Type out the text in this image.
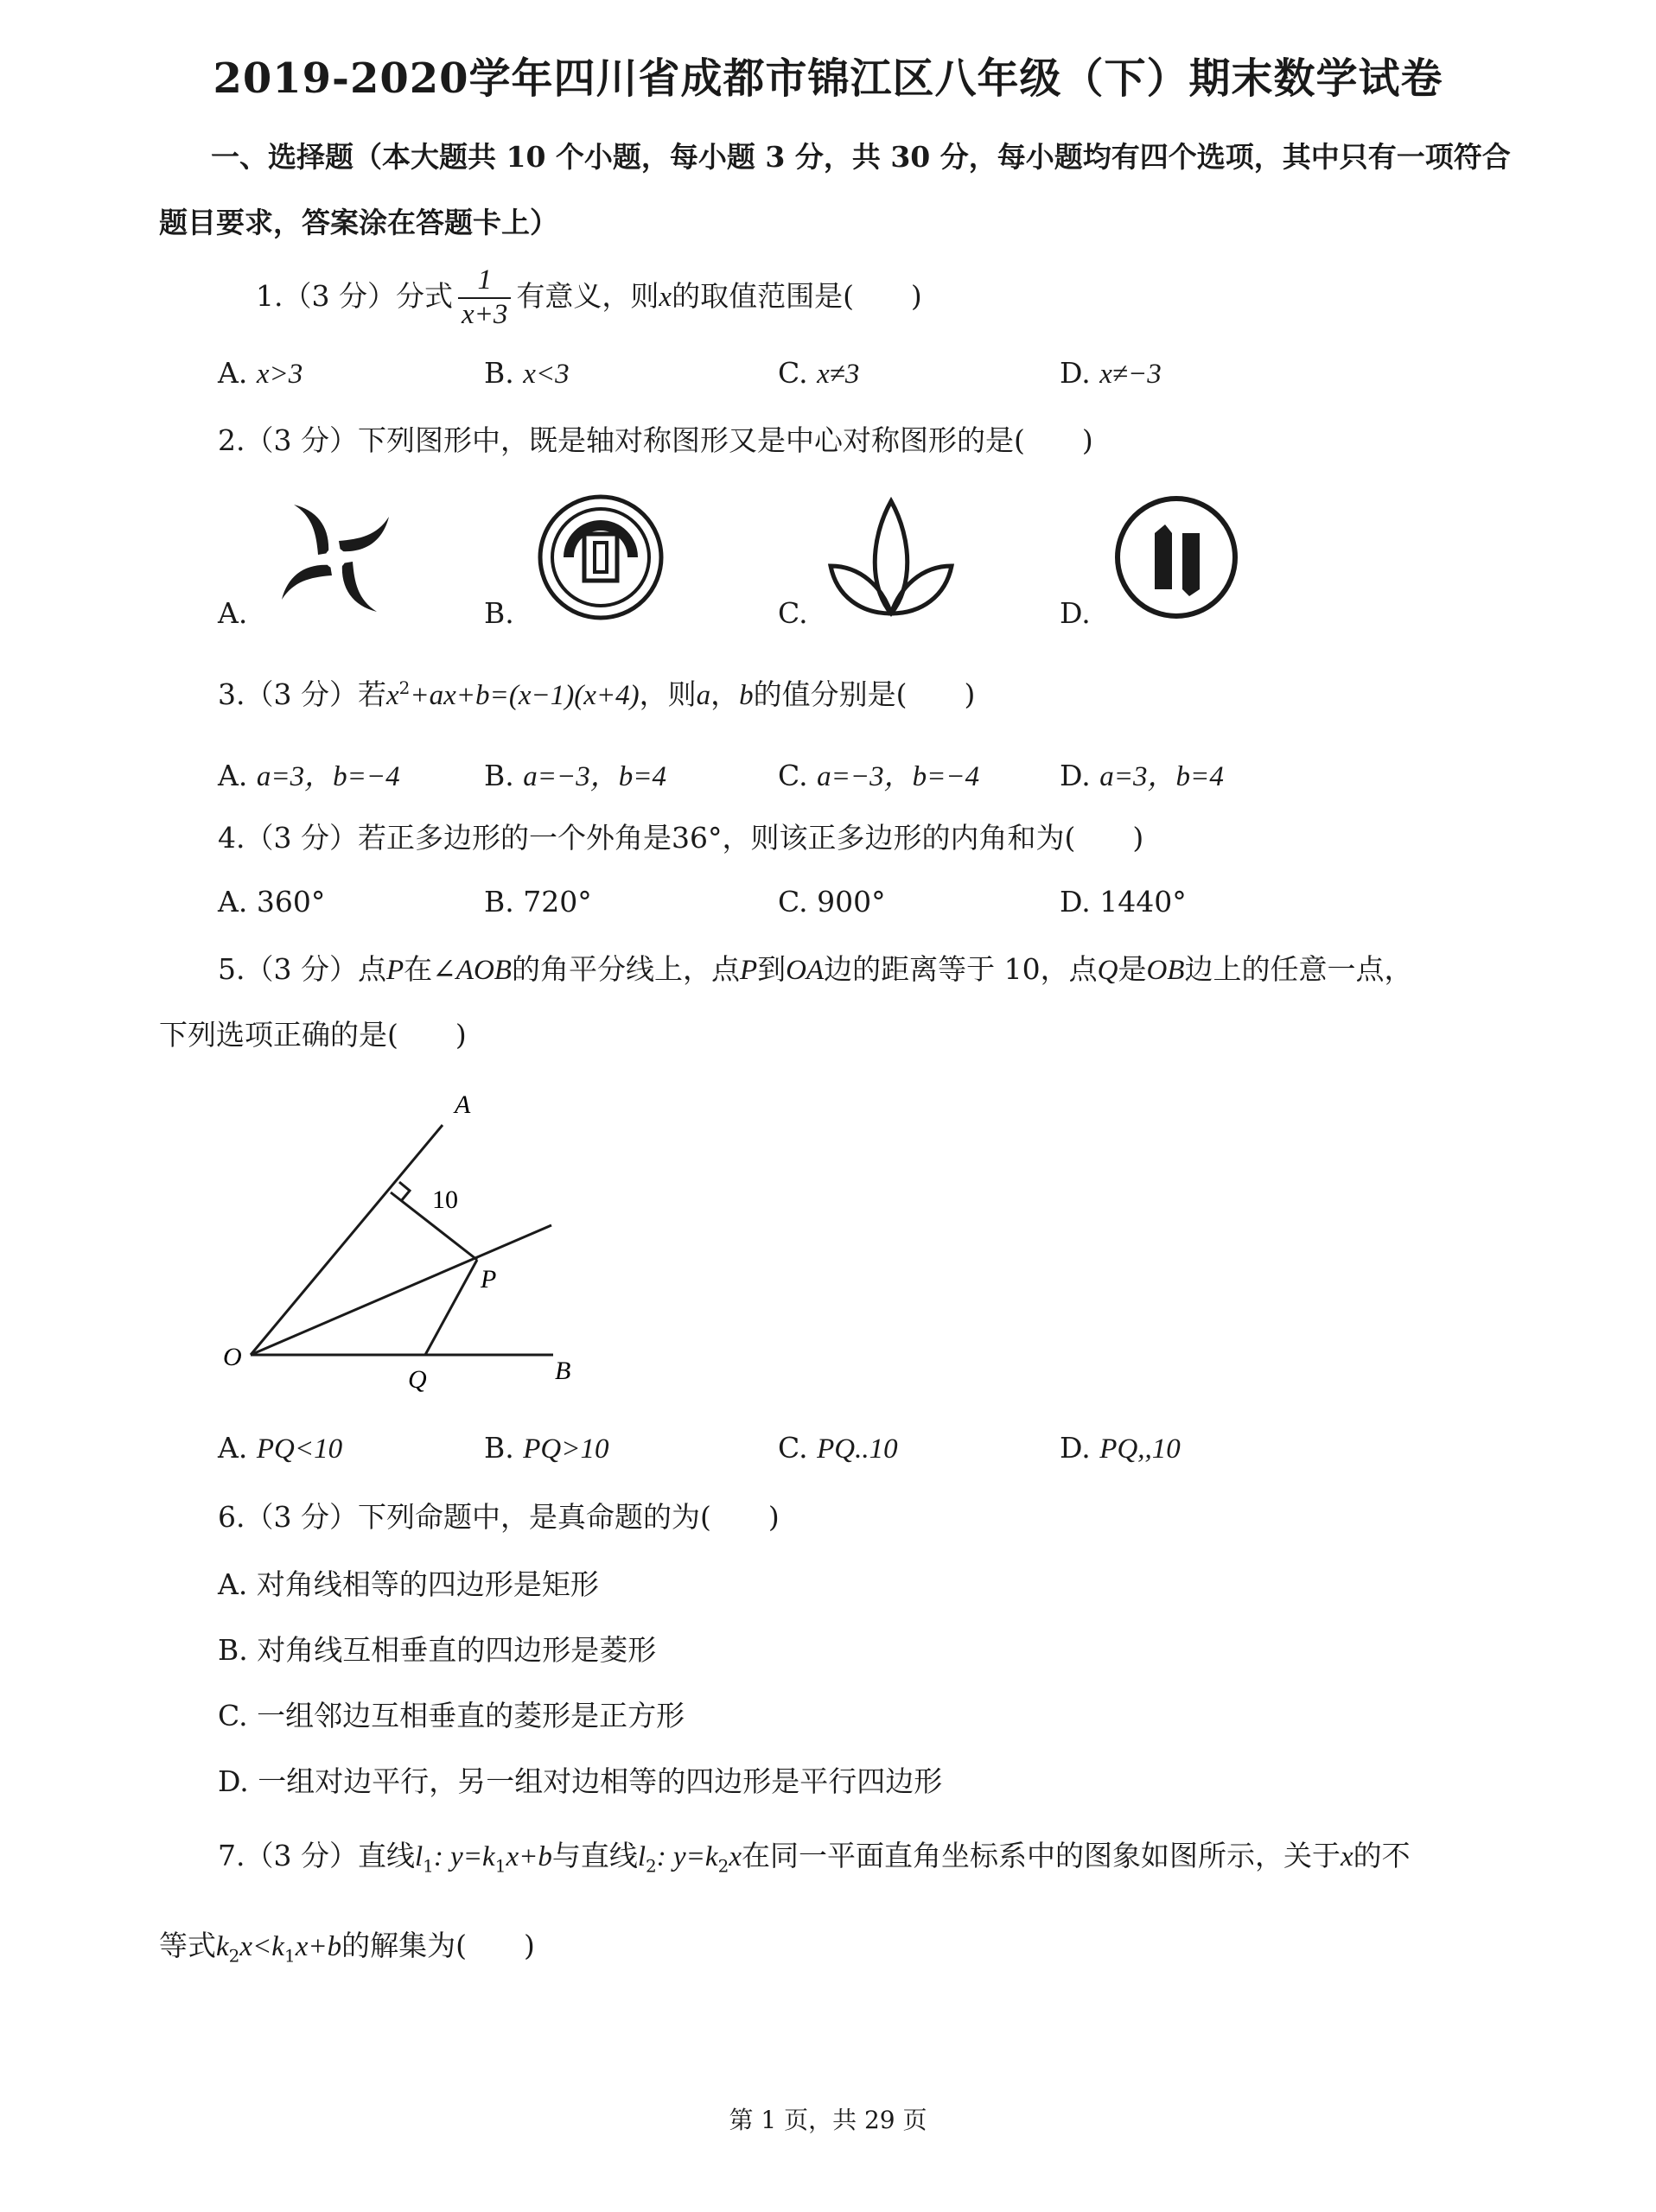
2019-2020学年四川省成都市锦江区八年级（下）期末数学试卷
一、选择题（本大题共 10 个小题，每小题 3 分，共 30 分，每小题均有四个选项，其中只有一项符合
题目要求，答案涂在答题卡上）
1.（3 分）分式 $\frac{1}{x+3}$ 有意义，则x的取值范围是(　　)
A. x>3	B. x<3	C. x≠3	D. x≠−3
2.（3 分）下列图形中，既是轴对称图形又是中心对称图形的是(　　)
A.	B.	C.	D.
3.（3 分）若$x^2+ax+b=(x-1)(x+4)$，则a，b的值分别是(　　)
A. a=3，b=−4	B. a=−3，b=4	C. a=−3，b=−4	D. a=3，b=4
4.（3 分）若正多边形的一个外角是36°，则该正多边形的内角和为(　　)
A. 360°	B. 720°	C. 900°	D. 1440°
5.（3 分）点P在∠AOB的角平分线上，点P到OA边的距离等于 10，点Q是OB边上的任意一点，
下列选项正确的是(　　)
A
10
P
O
Q	B
A. PQ<10	B. PQ>10	C. PQ..10	D. PQ,,10
6.（3 分）下列命题中，是真命题的为(　　)
A. 对角线相等的四边形是矩形
B. 对角线互相垂直的四边形是菱形
C. 一组邻边互相垂直的菱形是正方形
D. 一组对边平行，另一组对边相等的四边形是平行四边形
7.（3 分）直线$l_1$: $y=k_1x+b$与直线$l_2$: $y=k_2x$在同一平面直角坐标系中的图象如图所示，关于x的不
等式$k_2x<k_1x+b$的解集为(　　)
第 1 页，共 29 页
